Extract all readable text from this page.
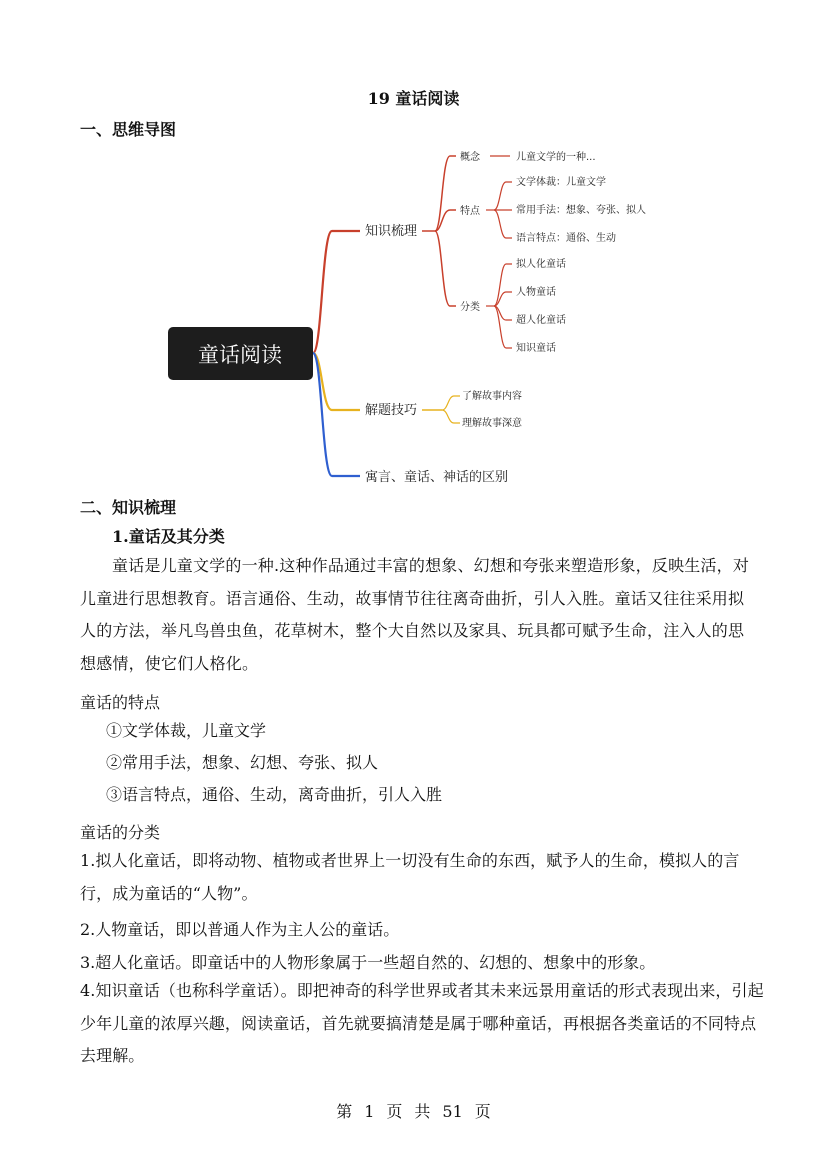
19 童话阅读
一、思维导图
童话阅读
知识梳理
概念	儿童文学的一种...
特点
文学体裁：儿童文学
常用手法：想象、夸张、拟人
语言特点：通俗、生动
分类
拟人化童话
人物童话
超人化童话
知识童话
解题技巧
了解故事内容
理解故事深意
寓言、童话、神话的区别
二、知识梳理
1.童话及其分类
童话是儿童文学的一种.这种作品通过丰富的想象、幻想和夸张来塑造形象，反映生活，对儿童进行思想教育。语言通俗、生动，故事情节往往离奇曲折，引人入胜。童话又往往采用拟人的方法，举凡鸟兽虫鱼，花草树木，整个大自然以及家具、玩具都可赋予生命，注入人的思想感情，使它们人格化。
童话的特点
①文学体裁，儿童文学
②常用手法，想象、幻想、夸张、拟人
③语言特点，通俗、生动，离奇曲折，引人入胜
童话的分类
1.拟人化童话，即将动物、植物或者世界上一切没有生命的东西，赋予人的生命，模拟人的言行，成为童话的“人物”。
2.人物童话，即以普通人作为主人公的童话。
3.超人化童话。即童话中的人物形象属于一些超自然的、幻想的、想象中的形象。
4.知识童话（也称科学童话）。即把神奇的科学世界或者其未来远景用童话的形式表现出来，引起少年儿童的浓厚兴趣，阅读童话，首先就要搞清楚是属于哪种童话，再根据各类童话的不同特点去理解。
第 1 页 共 51 页
